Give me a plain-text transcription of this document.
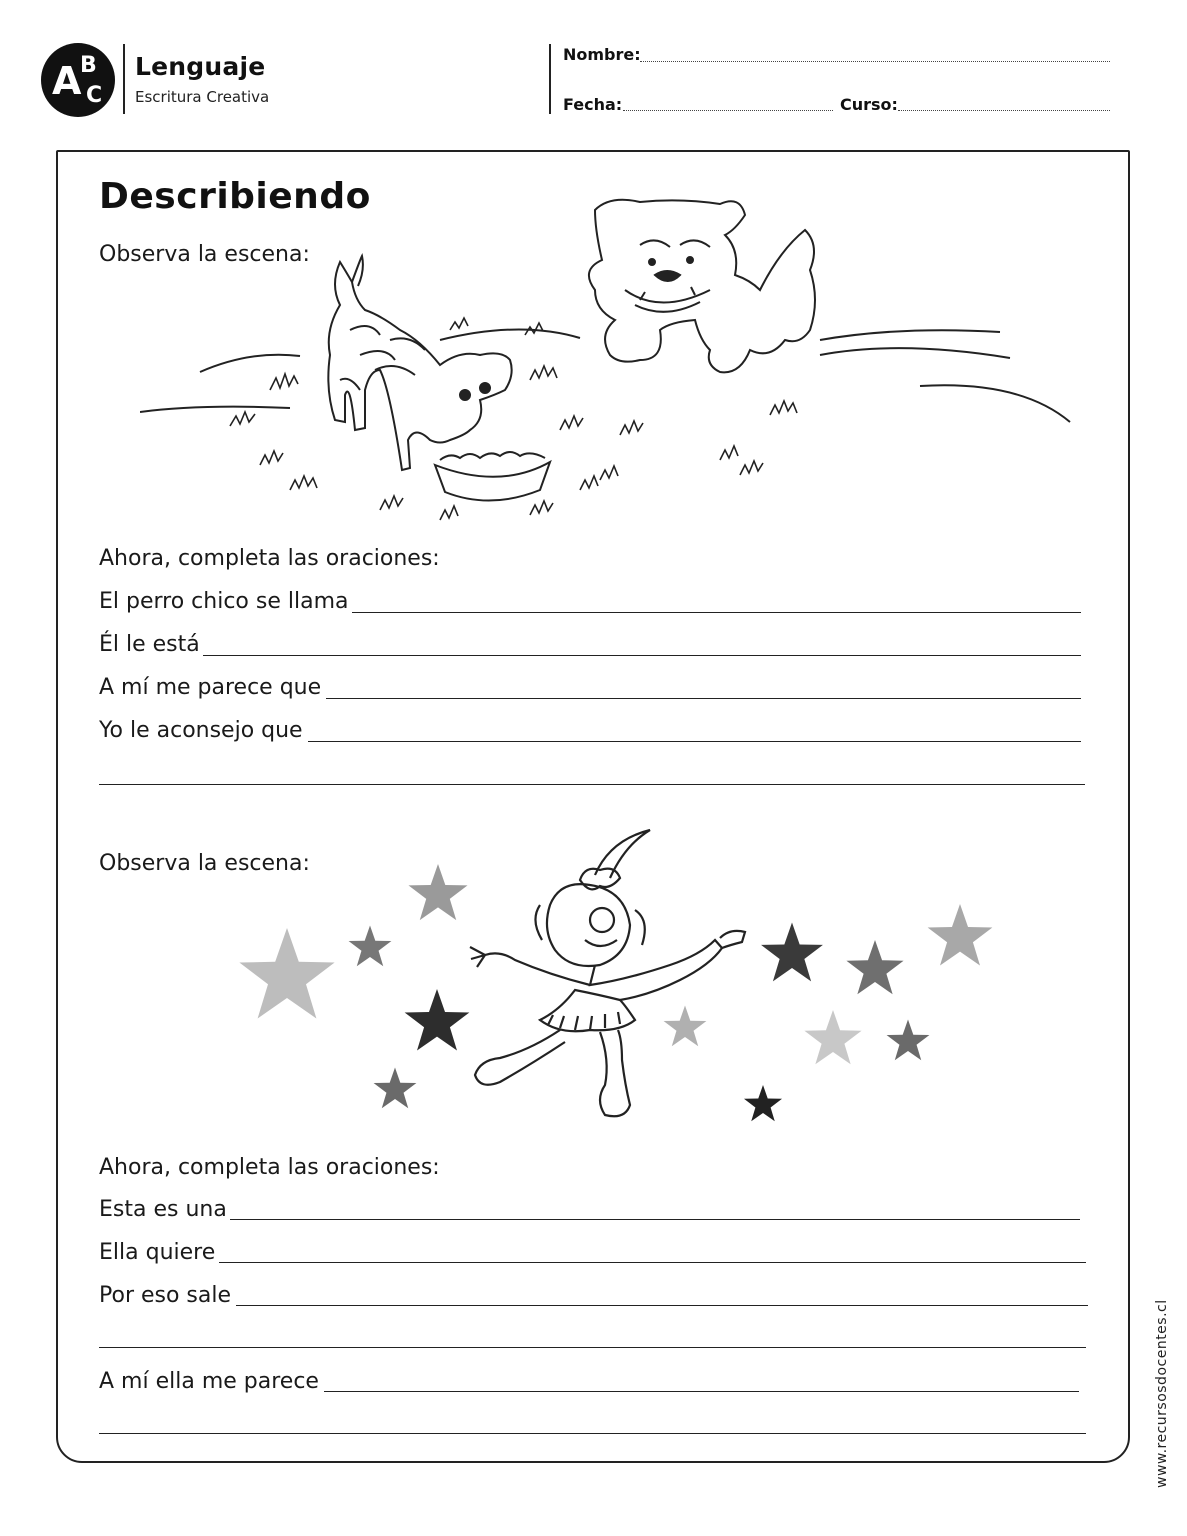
A
B
C
Lenguaje
Escritura Creativa
Nombre:
Fecha:	Curso:
Describiendo
Observa la escena:
Ahora, completa las oraciones:
El perro chico se llama
Él le está
A mí me parece que
Yo le aconsejo que
Observa la escena:
Ahora, completa las oraciones:
Esta es una
Ella quiere
Por eso sale
A mí ella me parece	www.recursosdocentes.cl
